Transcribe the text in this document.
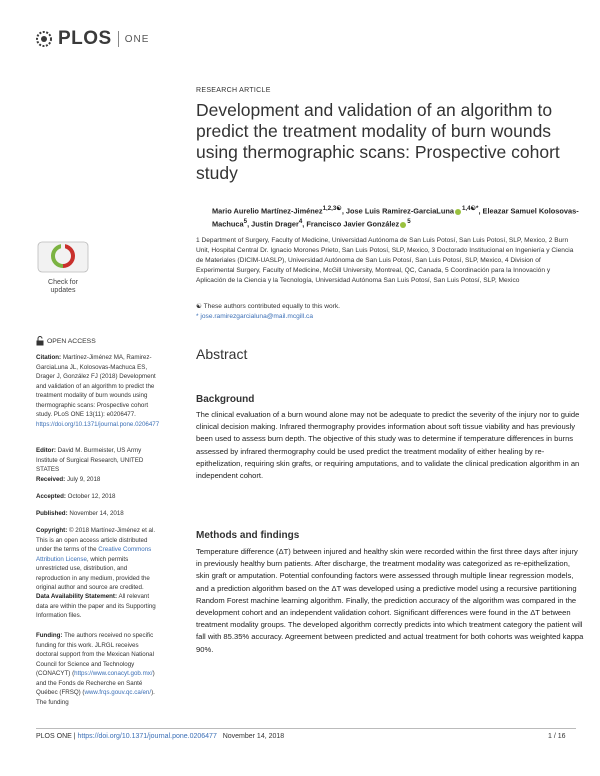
PLOS ONE
RESEARCH ARTICLE
Development and validation of an algorithm to predict the treatment modality of burn wounds using thermographic scans: Prospective cohort study
Mario Aurelio Martínez-Jiménez$^{1,2,3☯}$, Jose Luis Ramirez-GarciaLuna $^{1,4☯*}$, Eleazar Samuel Kolosovas-Machuca$^5$, Justin Drager$^4$, Francisco Javier González $^5$
1 Department of Surgery, Faculty of Medicine, Universidad Autónoma de San Luis Potosí, San Luis Potosí, SLP, Mexico, 2 Burn Unit, Hospital Central Dr. Ignacio Morones Prieto, San Luis Potosí, SLP, Mexico, 3 Doctorado Institucional en Ingeniería y Ciencia de Materiales (DICIM-UASLP), Universidad Autónoma de San Luis Potosí, San Luis Potosí, SLP, Mexico, 4 Division of Experimental Surgery, Faculty of Medicine, McGill University, Montreal, QC, Canada, 5 Coordinación para la Innovación y Aplicación de la Ciencia y la Tecnología, Universidad Autónoma San Luis Potosí, San Luis Potosí, SLP, Mexico
☯ These authors contributed equally to this work.
* jose.ramirezgarcialuna@mail.mcgill.ca
Abstract
Background
The clinical evaluation of a burn wound alone may not be adequate to predict the severity of the injury nor to guide clinical decision making. Infrared thermography provides information about soft tissue viability and has previously been used to assess burn depth. The objective of this study was to determine if temperature differences in burns assessed by infrared thermography could be used predict the treatment modality of either healing by re-epithelization, requiring skin grafts, or requiring amputations, and to validate the clinical predication algorithm in an independent cohort.
Methods and findings
Temperature difference (ΔT) between injured and healthy skin were recorded within the first three days after injury in previously healthy burn patients. After discharge, the treatment modality was categorized as re-epithelization, skin graft or amputation. Potential confounding factors were assessed through multiple linear regression models, and a prediction algorithm based on the ΔT was developed using a predictive model using a recursive partitioning Random Forest machine learning algorithm. Finally, the prediction accuracy of the algorithm was compared in the development cohort and an independent validation cohort. Significant differences were found in the ΔT between treatment modality groups. The developed algorithm correctly predicts into which treatment category the patient will fall with 85.35% accuracy. Agreement between predicted and actual treatment for both cohorts was weighted kappa 90%.
Check for
updates
OPEN ACCESS
Citation: Martínez-Jiménez MA, Ramirez-GarciaLuna JL, Kolosovas-Machuca ES, Drager J, González FJ (2018) Development and validation of an algorithm to predict the treatment modality of burn wounds using thermographic scans: Prospective cohort study. PLoS ONE 13(11): e0206477. https://doi.org/10.1371/journal.pone.0206477
Editor: David M. Burmeister, US Army Institute of Surgical Research, UNITED STATES
Received: July 9, 2018
Accepted: October 12, 2018
Published: November 14, 2018
Copyright: © 2018 Martínez-Jiménez et al. This is an open access article distributed under the terms of the Creative Commons Attribution License, which permits unrestricted use, distribution, and reproduction in any medium, provided the original author and source are credited.
Data Availability Statement: All relevant data are within the paper and its Supporting Information files.
Funding: The authors received no specific funding for this work. JLRGL receives doctoral support from the Mexican National Council for Science and Technology (CONACYT) (https://www.conacyt.gob.mx/) and the Fonds de Recherche en Santé Québec (FRSQ) (www.frqs.gouv.qc.ca/en/). The funding
PLOS ONE | https://doi.org/10.1371/journal.pone.0206477 November 14, 2018	1 / 16
